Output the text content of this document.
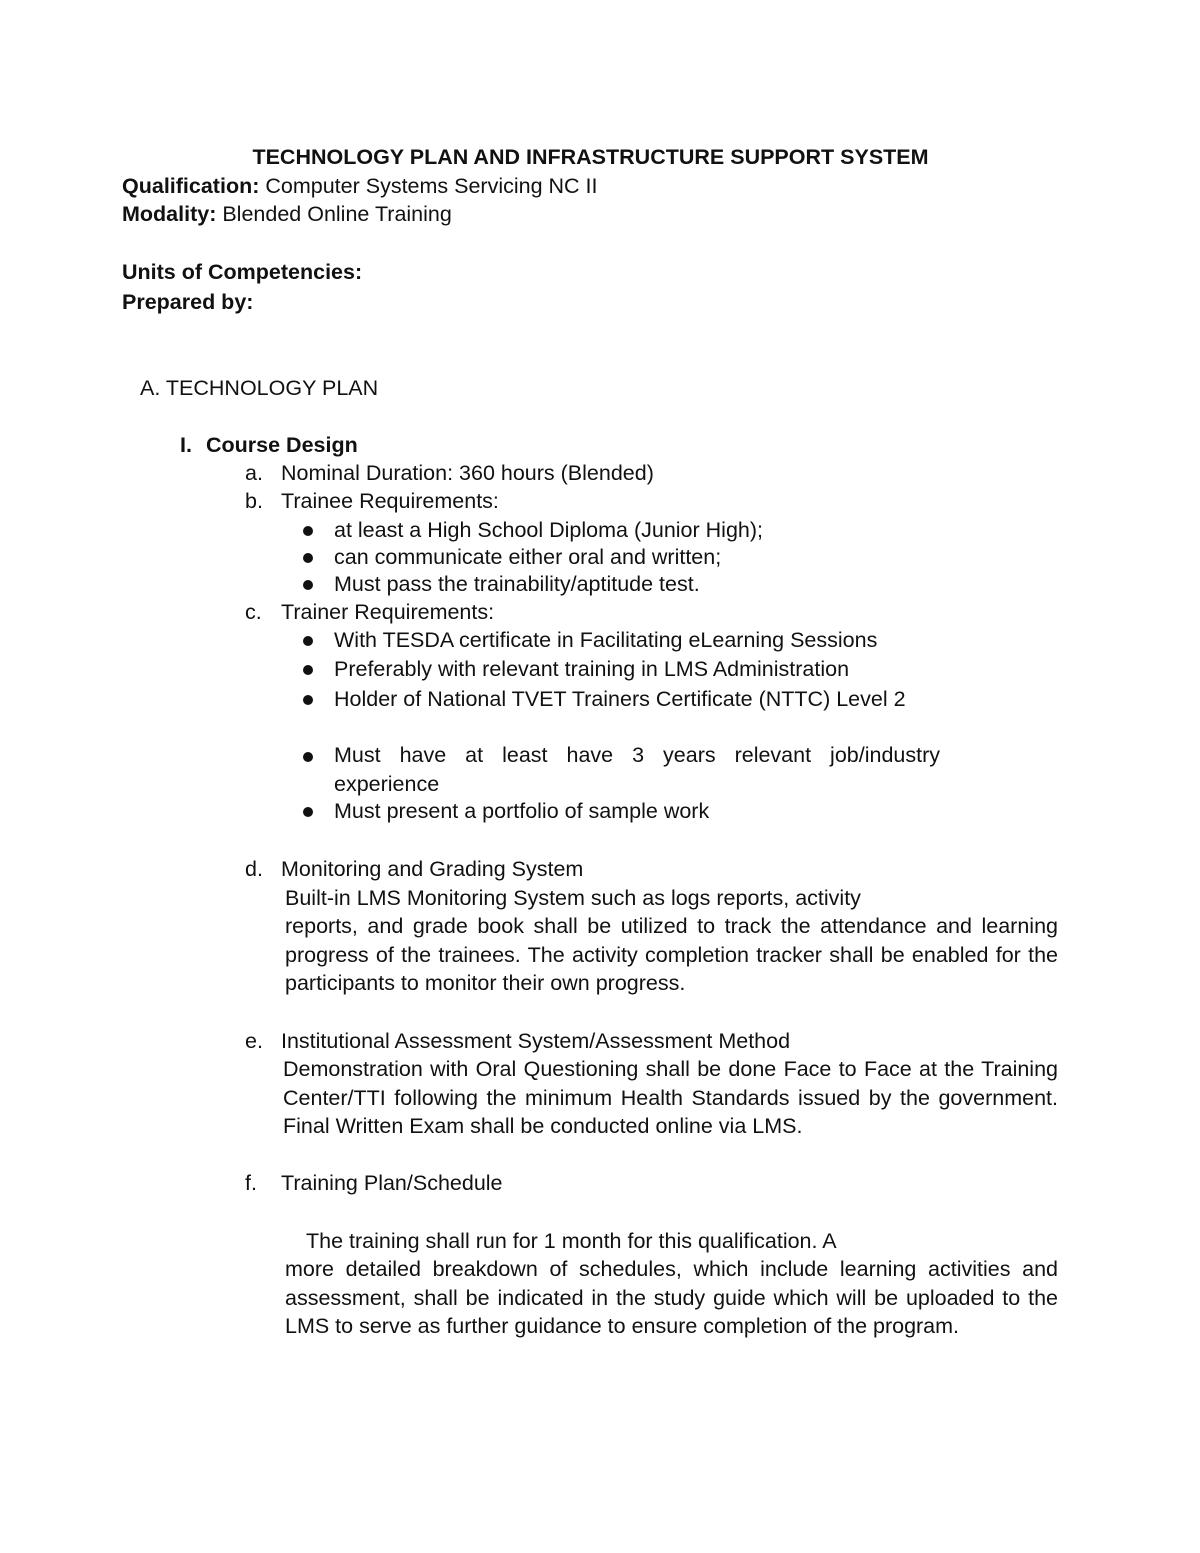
TECHNOLOGY PLAN AND INFRASTRUCTURE SUPPORT SYSTEM
Qualification: Computer Systems Servicing NC II
Modality: Blended Online Training
Units of Competencies:
Prepared by:
A. TECHNOLOGY PLAN
I. Course Design
a. Nominal Duration: 360 hours (Blended)
b. Trainee Requirements:
at least a High School Diploma (Junior High);
can communicate either oral and written;
Must pass the trainability/aptitude test.
c. Trainer Requirements:
With TESDA certificate in Facilitating eLearning Sessions
Preferably with relevant training in LMS Administration
Holder of National TVET Trainers Certificate (NTTC) Level 2
Must have at least have 3 years relevant job/industry experience
Must present a portfolio of sample work
d. Monitoring and Grading System
Built-in LMS Monitoring System such as logs reports, activity
reports, and grade book shall be utilized to track the attendance and learning progress of the trainees. The activity completion tracker shall be enabled for the participants to monitor their own progress.
e. Institutional Assessment System/Assessment Method
Demonstration with Oral Questioning shall be done Face to Face at the Training Center/TTI following the minimum Health Standards issued by the government. Final Written Exam shall be conducted online via LMS.
f. Training Plan/Schedule
The training shall run for 1 month for this qualification. A
more detailed breakdown of schedules, which include learning activities and assessment, shall be indicated in the study guide which will be uploaded to the LMS to serve as further guidance to ensure completion of the program.
